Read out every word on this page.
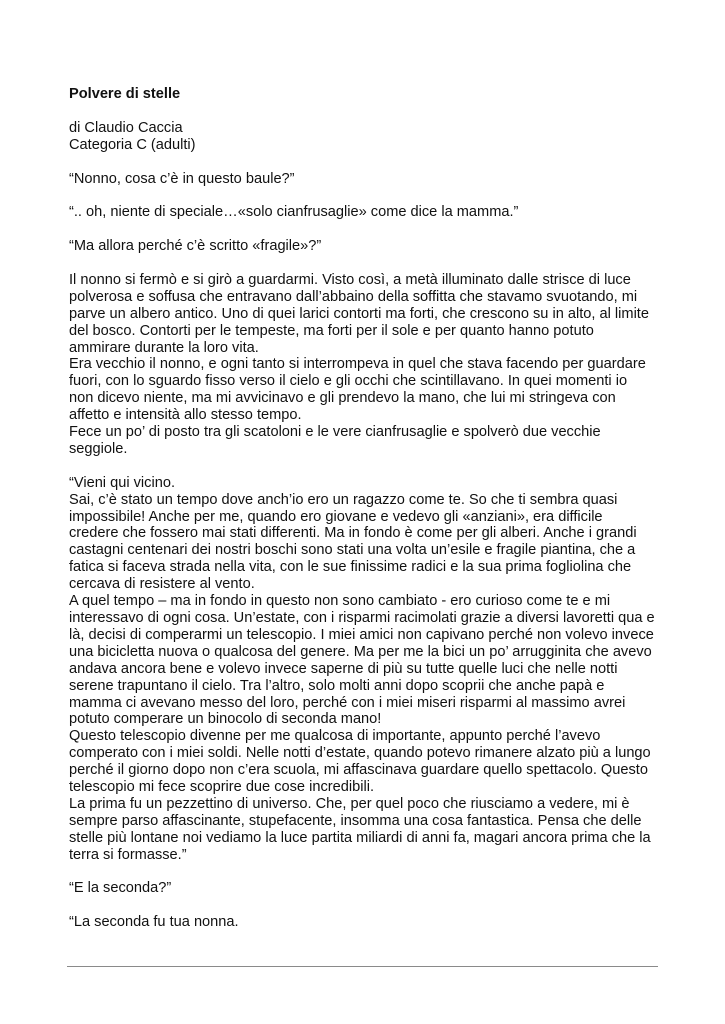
Polvere di stelle

di Claudio Caccia

Categoria C (adulti)

“Nonno, cosa c’è in questo baule?”

“.. oh, niente di speciale…«solo cianfrusaglie» come dice la mamma.”

“Ma allora perché c’è scritto «fragile»?”

Il nonno si fermò e si girò a guardarmi. Visto così, a metà illuminato dalle strisce di luce

polverosa e soffusa che entravano dall’abbaino della soffitta che stavamo svuotando, mi

parve un albero antico. Uno di quei larici contorti ma forti, che crescono su in alto, al limite

del bosco. Contorti per le tempeste, ma forti per il sole e per quanto hanno potuto

ammirare durante la loro vita.

Era vecchio il nonno, e ogni tanto si interrompeva in quel che stava facendo per guardare

fuori, con lo sguardo fisso verso il cielo e gli occhi che scintillavano. In quei momenti io

non dicevo niente, ma mi avvicinavo e gli prendevo la mano, che lui mi stringeva con

affetto e intensità allo stesso tempo.

Fece un po’ di posto tra gli scatoloni e le vere cianfrusaglie e spolverò due vecchie

seggiole.

“Vieni qui vicino.

Sai, c’è stato un tempo dove anch’io ero un ragazzo come te. So che ti sembra quasi

impossibile! Anche per me, quando ero giovane e vedevo gli «anziani», era difficile

credere che fossero mai stati differenti. Ma in fondo è come per gli alberi. Anche i grandi

castagni centenari dei nostri boschi sono stati una volta un’esile e fragile piantina, che a

fatica si faceva strada nella vita, con le sue finissime radici e la sua prima fogliolina che

cercava di resistere al vento.

A quel tempo – ma in fondo in questo non sono cambiato - ero curioso come te e mi

interessavo di ogni cosa. Un’estate, con i risparmi racimolati grazie a diversi lavoretti qua e

là, decisi di comperarmi un telescopio. I miei amici non capivano perché non volevo invece

una bicicletta nuova o qualcosa del genere. Ma per me la bici un po’ arrugginita che avevo

andava ancora bene e volevo invece saperne di più su tutte quelle luci che nelle notti

serene trapuntano il cielo. Tra l’altro, solo molti anni dopo scoprii che anche papà e

mamma ci avevano messo del loro, perché con i miei miseri risparmi al massimo avrei

potuto comperare un binocolo di seconda mano!

Questo telescopio divenne per me qualcosa di importante, appunto perché l’avevo

comperato con i miei soldi. Nelle notti d’estate, quando potevo rimanere alzato più a lungo

perché il giorno dopo non c’era scuola, mi affascinava guardare quello spettacolo. Questo

telescopio mi fece scoprire due cose incredibili.

La prima fu un pezzettino di universo. Che, per quel poco che riusciamo a vedere, mi è

sempre parso affascinante, stupefacente, insomma una cosa fantastica. Pensa che delle

stelle più lontane noi vediamo la luce partita miliardi di anni fa, magari ancora prima che la

terra si formasse.”

“E la seconda?”

“La seconda fu tua nonna.
